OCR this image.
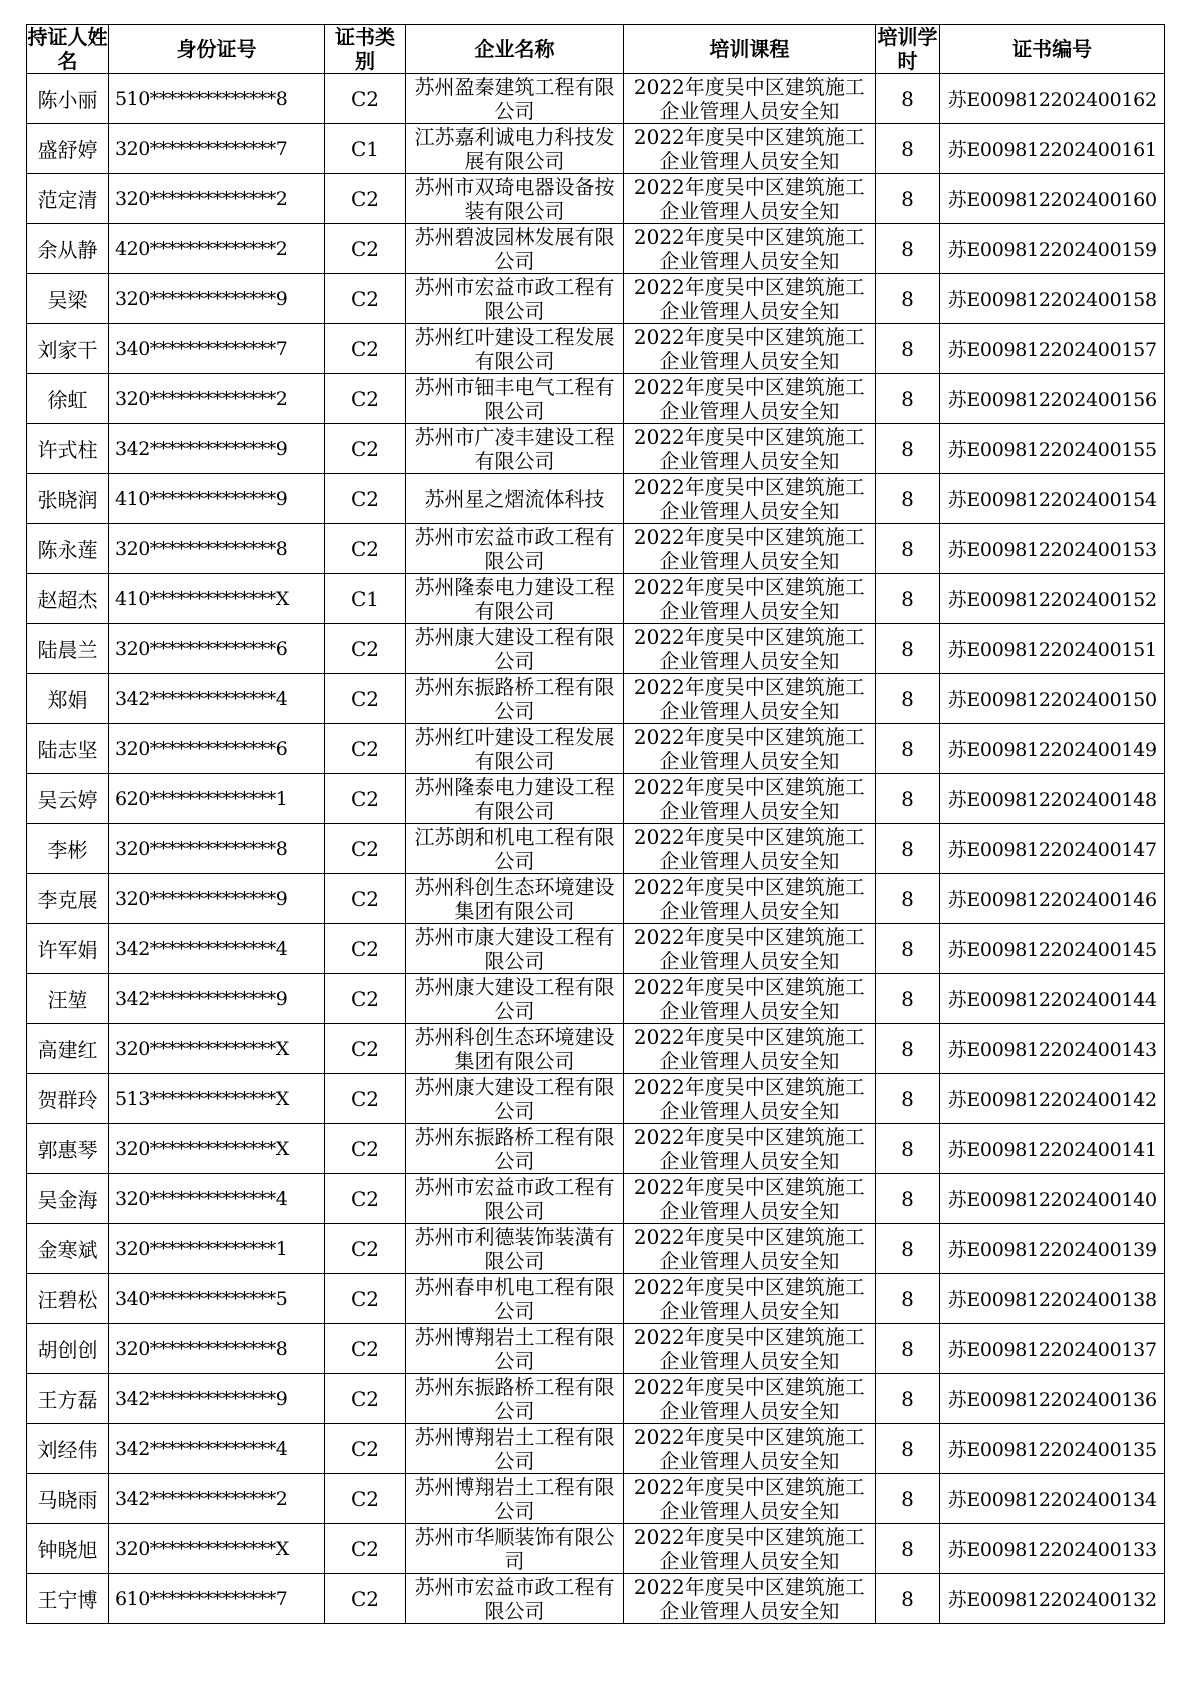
持证人姓名	身份证号	证书类别	企业名称	培训课程	培训学时	证书编号
陈小丽	510**************8	C2	苏州盈秦建筑工程有限公司	2022年度吴中区建筑施工企业管理人员安全知	8	苏E009812202400162
盛舒婷	320**************7	C1	江苏嘉利诚电力科技发展有限公司	2022年度吴中区建筑施工企业管理人员安全知	8	苏E009812202400161
范定清	320**************2	C2	苏州市双琦电器设备按装有限公司	2022年度吴中区建筑施工企业管理人员安全知	8	苏E009812202400160
余从静	420**************2	C2	苏州碧波园林发展有限公司	2022年度吴中区建筑施工企业管理人员安全知	8	苏E009812202400159
吴梁	320**************9	C2	苏州市宏益市政工程有限公司	2022年度吴中区建筑施工企业管理人员安全知	8	苏E009812202400158
刘家干	340**************7	C2	苏州红叶建设工程发展有限公司	2022年度吴中区建筑施工企业管理人员安全知	8	苏E009812202400157
徐虹	320**************2	C2	苏州市钿丰电气工程有限公司	2022年度吴中区建筑施工企业管理人员安全知	8	苏E009812202400156
许式柱	342**************9	C2	苏州市广凌丰建设工程有限公司	2022年度吴中区建筑施工企业管理人员安全知	8	苏E009812202400155
张晓润	410**************9	C2	苏州星之熠流体科技	2022年度吴中区建筑施工企业管理人员安全知	8	苏E009812202400154
陈永莲	320**************8	C2	苏州市宏益市政工程有限公司	2022年度吴中区建筑施工企业管理人员安全知	8	苏E009812202400153
赵超杰	410**************X	C1	苏州隆泰电力建设工程有限公司	2022年度吴中区建筑施工企业管理人员安全知	8	苏E009812202400152
陆晨兰	320**************6	C2	苏州康大建设工程有限公司	2022年度吴中区建筑施工企业管理人员安全知	8	苏E009812202400151
郑娟	342**************4	C2	苏州东振路桥工程有限公司	2022年度吴中区建筑施工企业管理人员安全知	8	苏E009812202400150
陆志坚	320**************6	C2	苏州红叶建设工程发展有限公司	2022年度吴中区建筑施工企业管理人员安全知	8	苏E009812202400149
吴云婷	620**************1	C2	苏州隆泰电力建设工程有限公司	2022年度吴中区建筑施工企业管理人员安全知	8	苏E009812202400148
李彬	320**************8	C2	江苏朗和机电工程有限公司	2022年度吴中区建筑施工企业管理人员安全知	8	苏E009812202400147
李克展	320**************9	C2	苏州科创生态环境建设集团有限公司	2022年度吴中区建筑施工企业管理人员安全知	8	苏E009812202400146
许军娟	342**************4	C2	苏州市康大建设工程有限公司	2022年度吴中区建筑施工企业管理人员安全知	8	苏E009812202400145
汪堃	342**************9	C2	苏州康大建设工程有限公司	2022年度吴中区建筑施工企业管理人员安全知	8	苏E009812202400144
高建红	320**************X	C2	苏州科创生态环境建设集团有限公司	2022年度吴中区建筑施工企业管理人员安全知	8	苏E009812202400143
贺群玲	513**************X	C2	苏州康大建设工程有限公司	2022年度吴中区建筑施工企业管理人员安全知	8	苏E009812202400142
郭惠琴	320**************X	C2	苏州东振路桥工程有限公司	2022年度吴中区建筑施工企业管理人员安全知	8	苏E009812202400141
吴金海	320**************4	C2	苏州市宏益市政工程有限公司	2022年度吴中区建筑施工企业管理人员安全知	8	苏E009812202400140
金寒斌	320**************1	C2	苏州市利德装饰装潢有限公司	2022年度吴中区建筑施工企业管理人员安全知	8	苏E009812202400139
汪碧松	340**************5	C2	苏州春申机电工程有限公司	2022年度吴中区建筑施工企业管理人员安全知	8	苏E009812202400138
胡创创	320**************8	C2	苏州博翔岩土工程有限公司	2022年度吴中区建筑施工企业管理人员安全知	8	苏E009812202400137
王方磊	342**************9	C2	苏州东振路桥工程有限公司	2022年度吴中区建筑施工企业管理人员安全知	8	苏E009812202400136
刘经伟	342**************4	C2	苏州博翔岩土工程有限公司	2022年度吴中区建筑施工企业管理人员安全知	8	苏E009812202400135
马晓雨	342**************2	C2	苏州博翔岩土工程有限公司	2022年度吴中区建筑施工企业管理人员安全知	8	苏E009812202400134
钟晓旭	320**************X	C2	苏州市华顺装饰有限公司	2022年度吴中区建筑施工企业管理人员安全知	8	苏E009812202400133
王宁博	610**************7	C2	苏州市宏益市政工程有限公司	2022年度吴中区建筑施工企业管理人员安全知	8	苏E009812202400132
